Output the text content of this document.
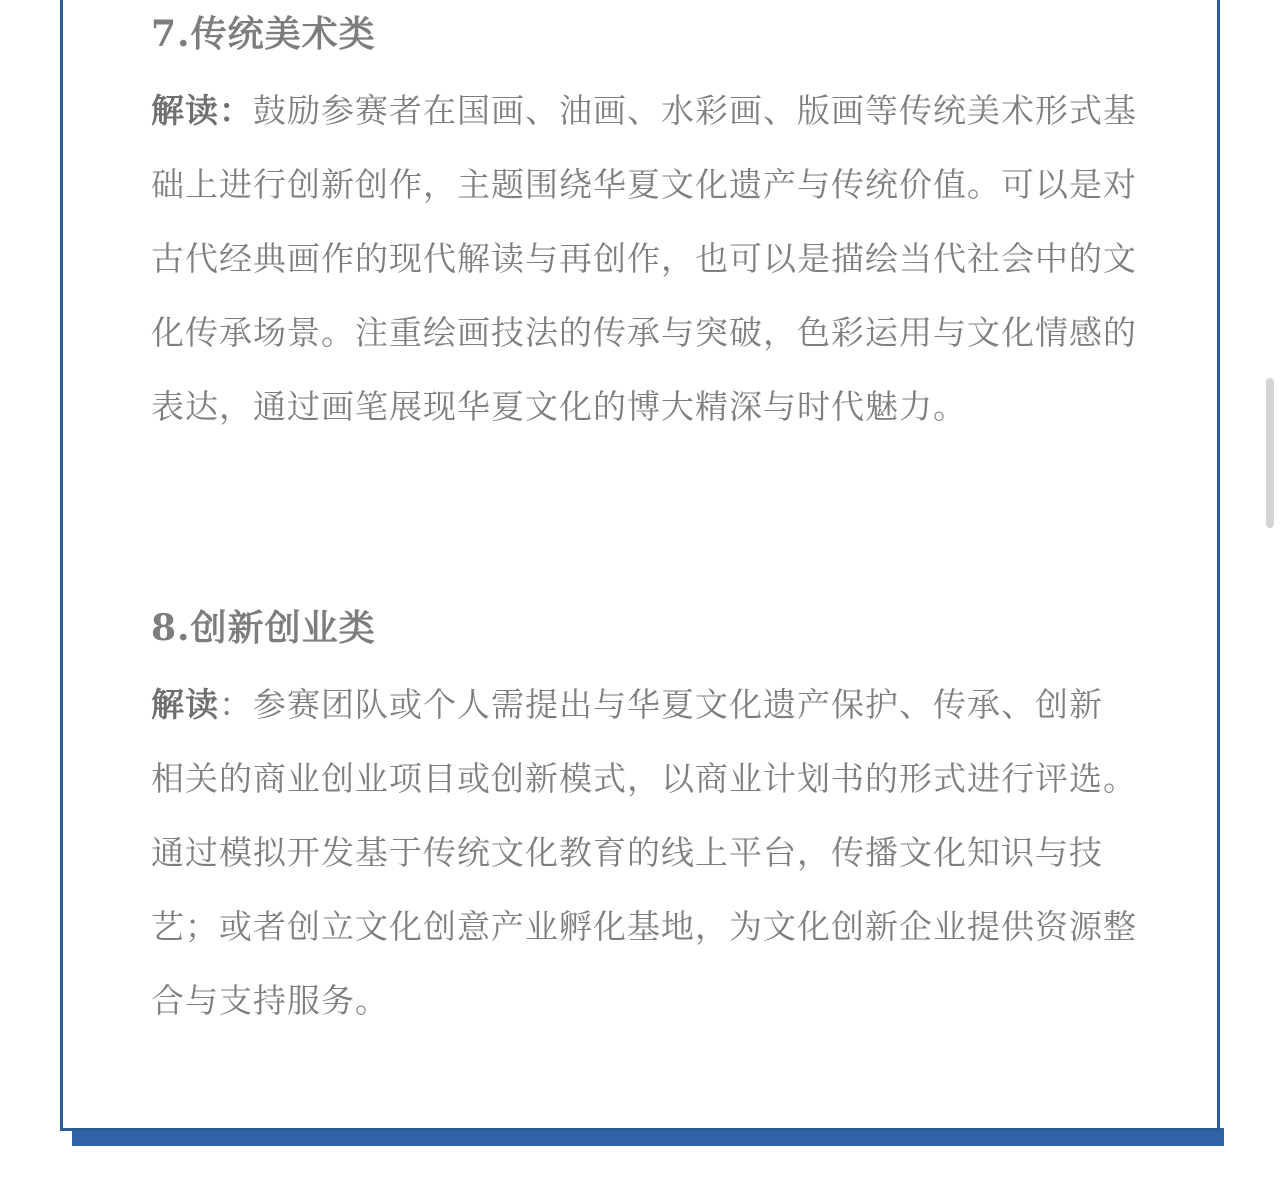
7.传统美术类

解读：鼓励参赛者在国画、油画、水彩画、版画等传统美术形式基础上进行创新创作，主题围绕华夏文化遗产与传统价值。可以是对古代经典画作的现代解读与再创作，也可以是描绘当代社会中的文化传承场景。注重绘画技法的传承与突破，色彩运用与文化情感的表达，通过画笔展现华夏文化的博大精深与时代魅力。

8.创新创业类

解读：参赛团队或个人需提出与华夏文化遗产保护、传承、创新 相关的商业创业项目或创新模式，以商业计划书的形式进行评选。通过模拟开发基于传统文化教育的线上平台，传播文化知识与技艺；或者创立文化创意产业孵化基地，为文化创新企业提供资源整合与支持服务。
